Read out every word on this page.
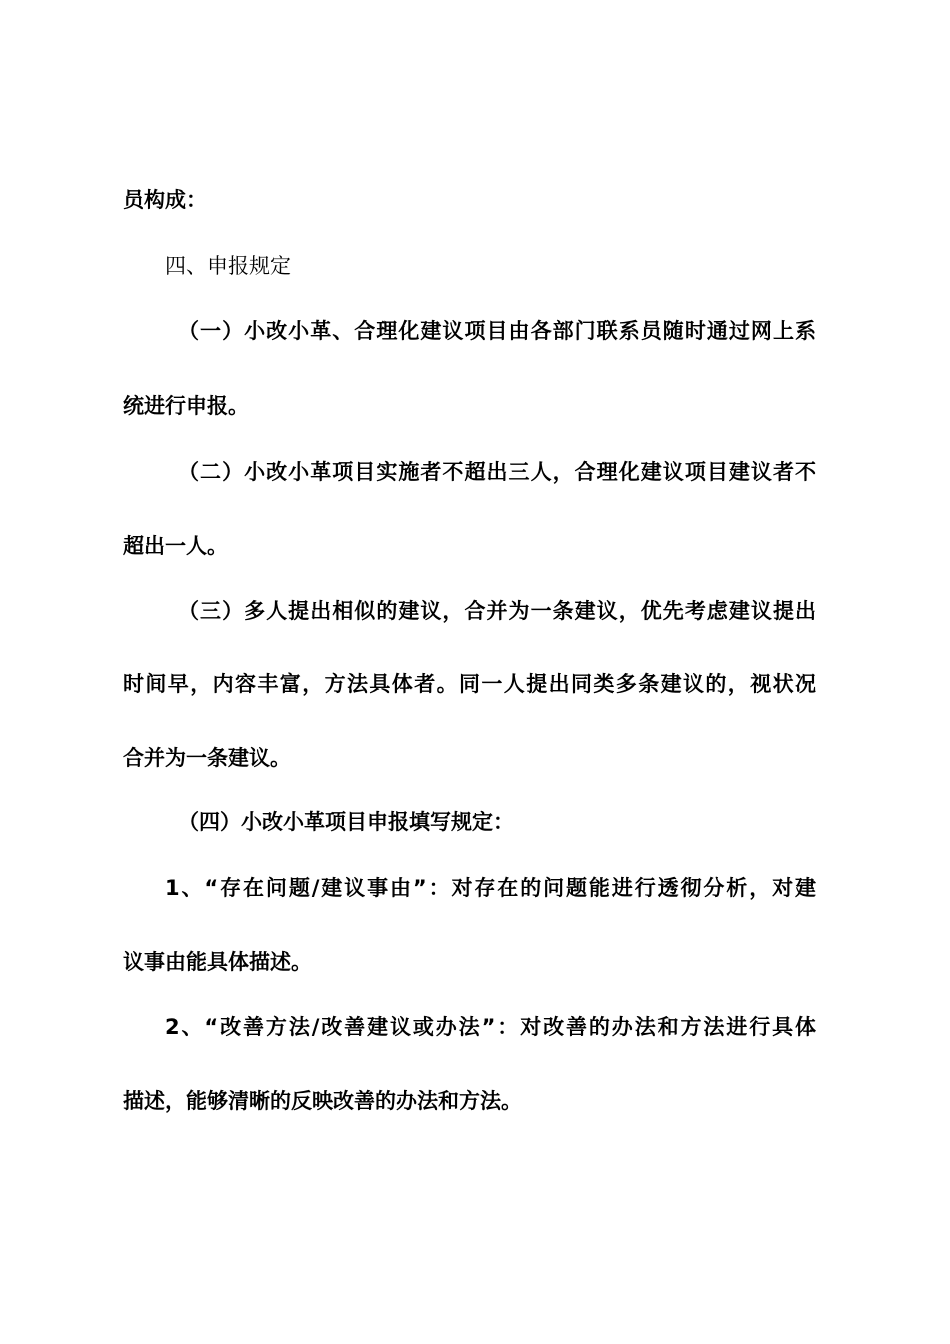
员构成：
四、申报规定
（一）小改小革、合理化建议项目由各部门联系员随时通过网上系
统进行申报。
（二）小改小革项目实施者不超出三人，合理化建议项目建议者不
超出一人。
（三）多人提出相似的建议，合并为一条建议，优先考虑建议提出
时间早，内容丰富，方法具体者。同一人提出同类多条建议的，视状况
合并为一条建议。
（四）小改小革项目申报填写规定：
1、“存在问题/建议事由”：对存在的问题能进行透彻分析，对建
议事由能具体描述。
2、“改善方法/改善建议或办法”：对改善的办法和方法进行具体
描述，能够清晰的反映改善的办法和方法。
